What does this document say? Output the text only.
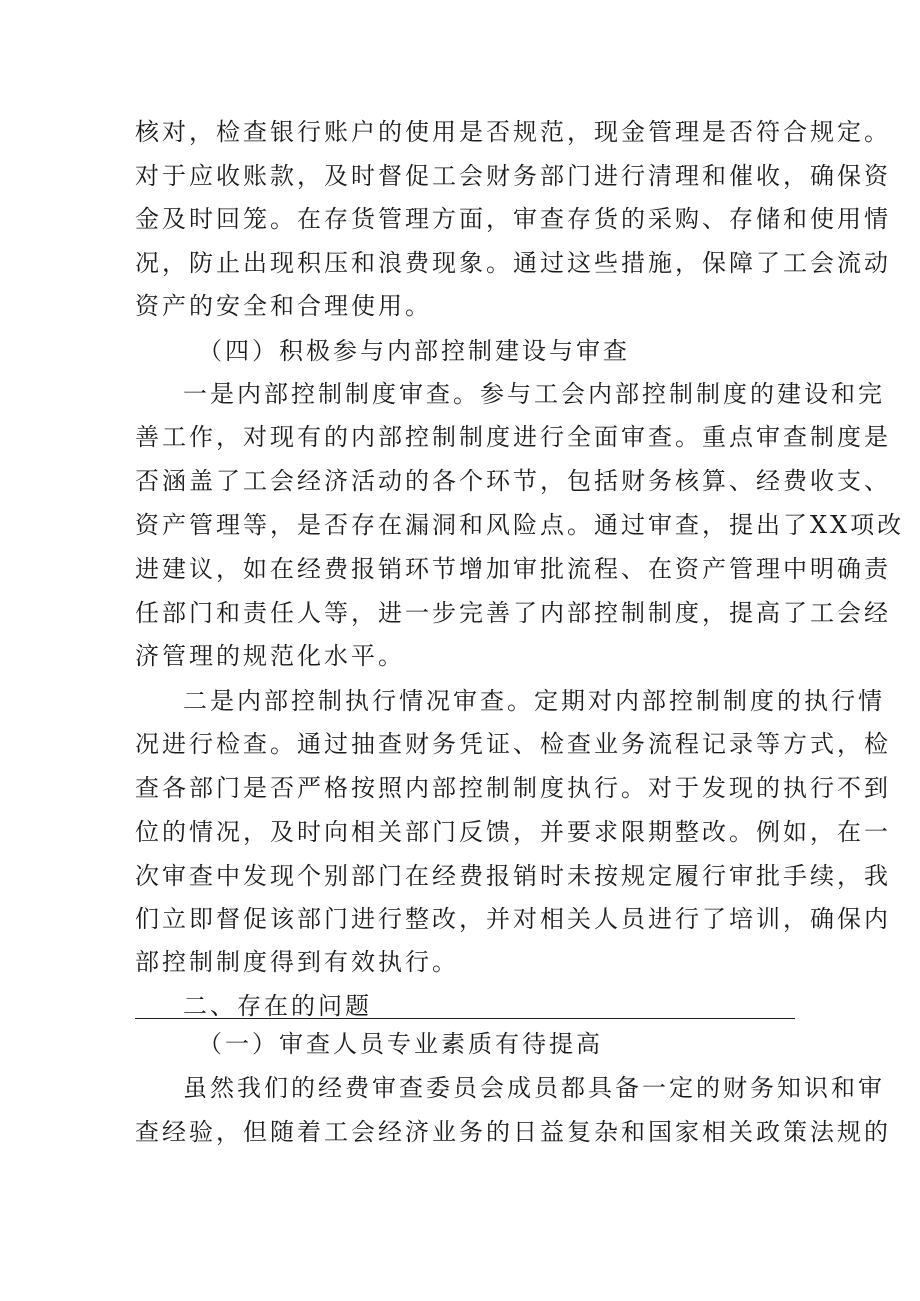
核对，检查银行账户的使用是否规范，现金管理是否符合规定。
对于应收账款，及时督促工会财务部门进行清理和催收，确保资
金及时回笼。在存货管理方面，审查存货的采购、存储和使用情
况，防止出现积压和浪费现象。通过这些措施，保障了工会流动
资产的安全和合理使用。
（四）积极参与内部控制建设与审查
一是内部控制制度审查。参与工会内部控制制度的建设和完
善工作，对现有的内部控制制度进行全面审查。重点审查制度是
否涵盖了工会经济活动的各个环节，包括财务核算、经费收支、
资产管理等，是否存在漏洞和风险点。通过审查，提出了XX项改
进建议，如在经费报销环节增加审批流程、在资产管理中明确责
任部门和责任人等，进一步完善了内部控制制度，提高了工会经
济管理的规范化水平。
二是内部控制执行情况审查。定期对内部控制制度的执行情
况进行检查。通过抽查财务凭证、检查业务流程记录等方式，检
查各部门是否严格按照内部控制制度执行。对于发现的执行不到
位的情况，及时向相关部门反馈，并要求限期整改。例如，在一
次审查中发现个别部门在经费报销时未按规定履行审批手续，我
们立即督促该部门进行整改，并对相关人员进行了培训，确保内
部控制制度得到有效执行。
二、存在的问题
（一）审查人员专业素质有待提高
虽然我们的经费审查委员会成员都具备一定的财务知识和审
查经验，但随着工会经济业务的日益复杂和国家相关政策法规的
